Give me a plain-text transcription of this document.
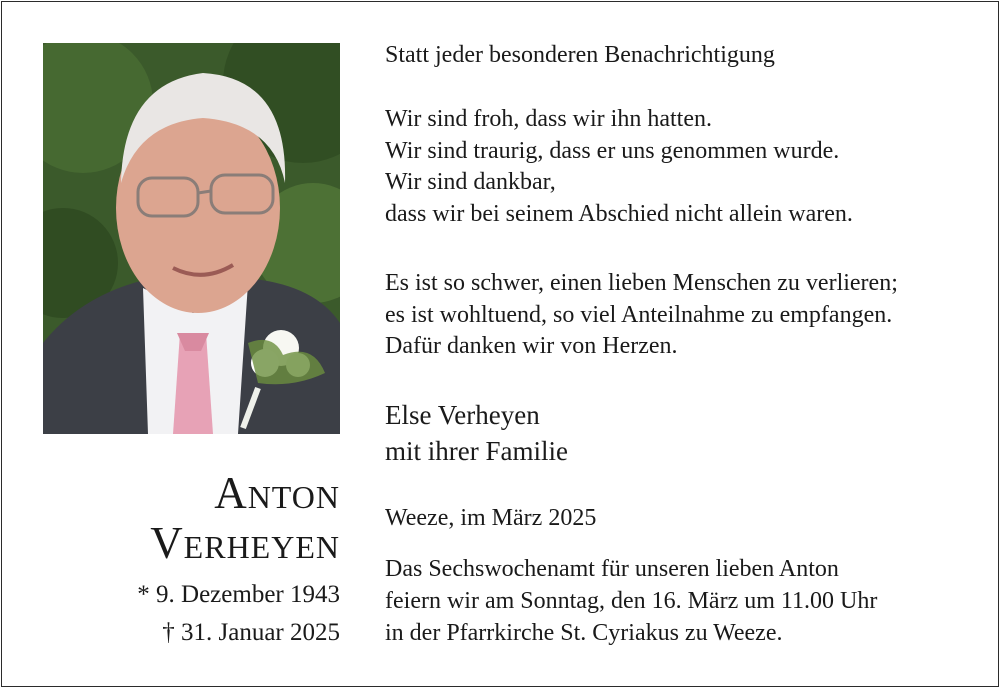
Anton
Verheyen
* 9. Dezember 1943
† 31. Januar 2025
Statt jeder besonderen Benachrichtigung
Wir sind froh, dass wir ihn hatten.
Wir sind traurig, dass er uns genommen wurde.
Wir sind dankbar,
dass wir bei seinem Abschied nicht allein waren.
Es ist so schwer, einen lieben Menschen zu verlieren;
es ist wohltuend, so viel Anteilnahme zu empfangen.
Dafür danken wir von Herzen.
Else Verheyen
mit ihrer Familie
Weeze, im März 2025
Das Sechswochenamt für unseren lieben Anton
feiern wir am Sonntag, den 16. März um 11.00 Uhr
in der Pfarrkirche St. Cyriakus zu Weeze.
